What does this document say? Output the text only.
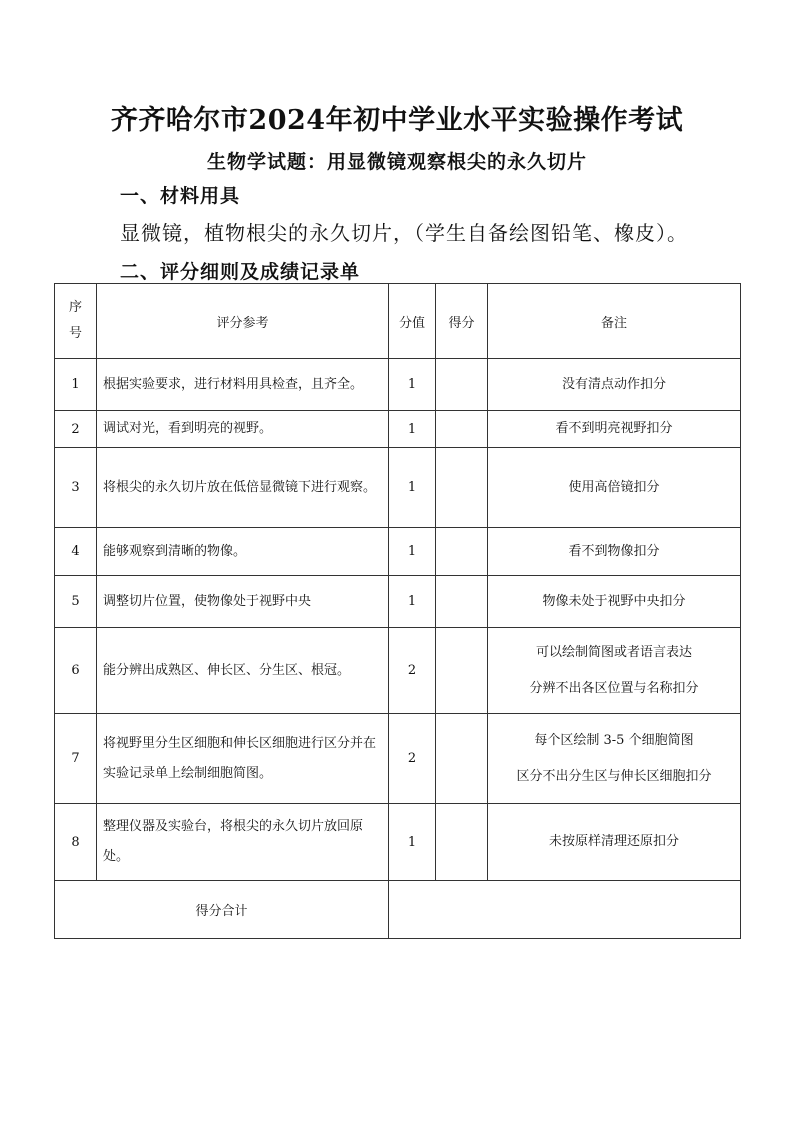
齐齐哈尔市2024年初中学业水平实验操作考试
生物学试题：用显微镜观察根尖的永久切片
一、材料用具
显微镜，植物根尖的永久切片，（学生自备绘图铅笔、橡皮）。
二、评分细则及成绩记录单
序
号	评分参考	分值	得分	备注
1	根据实验要求，进行材料用具检查，且齐全。	1		没有清点动作扣分

2	调试对光，看到明亮的视野。	1		看不到明亮视野扣分

3	将根尖的永久切片放在低倍显微镜下进行观察。	1		使用高倍镜扣分

4	能够观察到清晰的物像。	1		看不到物像扣分

5	调整切片位置，使物像处于视野中央	1		物像未处于视野中央扣分

6	能分辨出成熟区、伸长区、分生区、根冠。	2		可以绘制简图或者语言表达
分辨不出各区位置与名称扣分

7	将视野里分生区细胞和伸长区细胞进行区分并在实验记录单上绘制细胞简图。	2		每个区绘制 3-5 个细胞简图
区分不出分生区与伸长区细胞扣分

8	整理仪器及实验台，将根尖的永久切片放回原处。	1		未按原样清理还原扣分

得分合计				
